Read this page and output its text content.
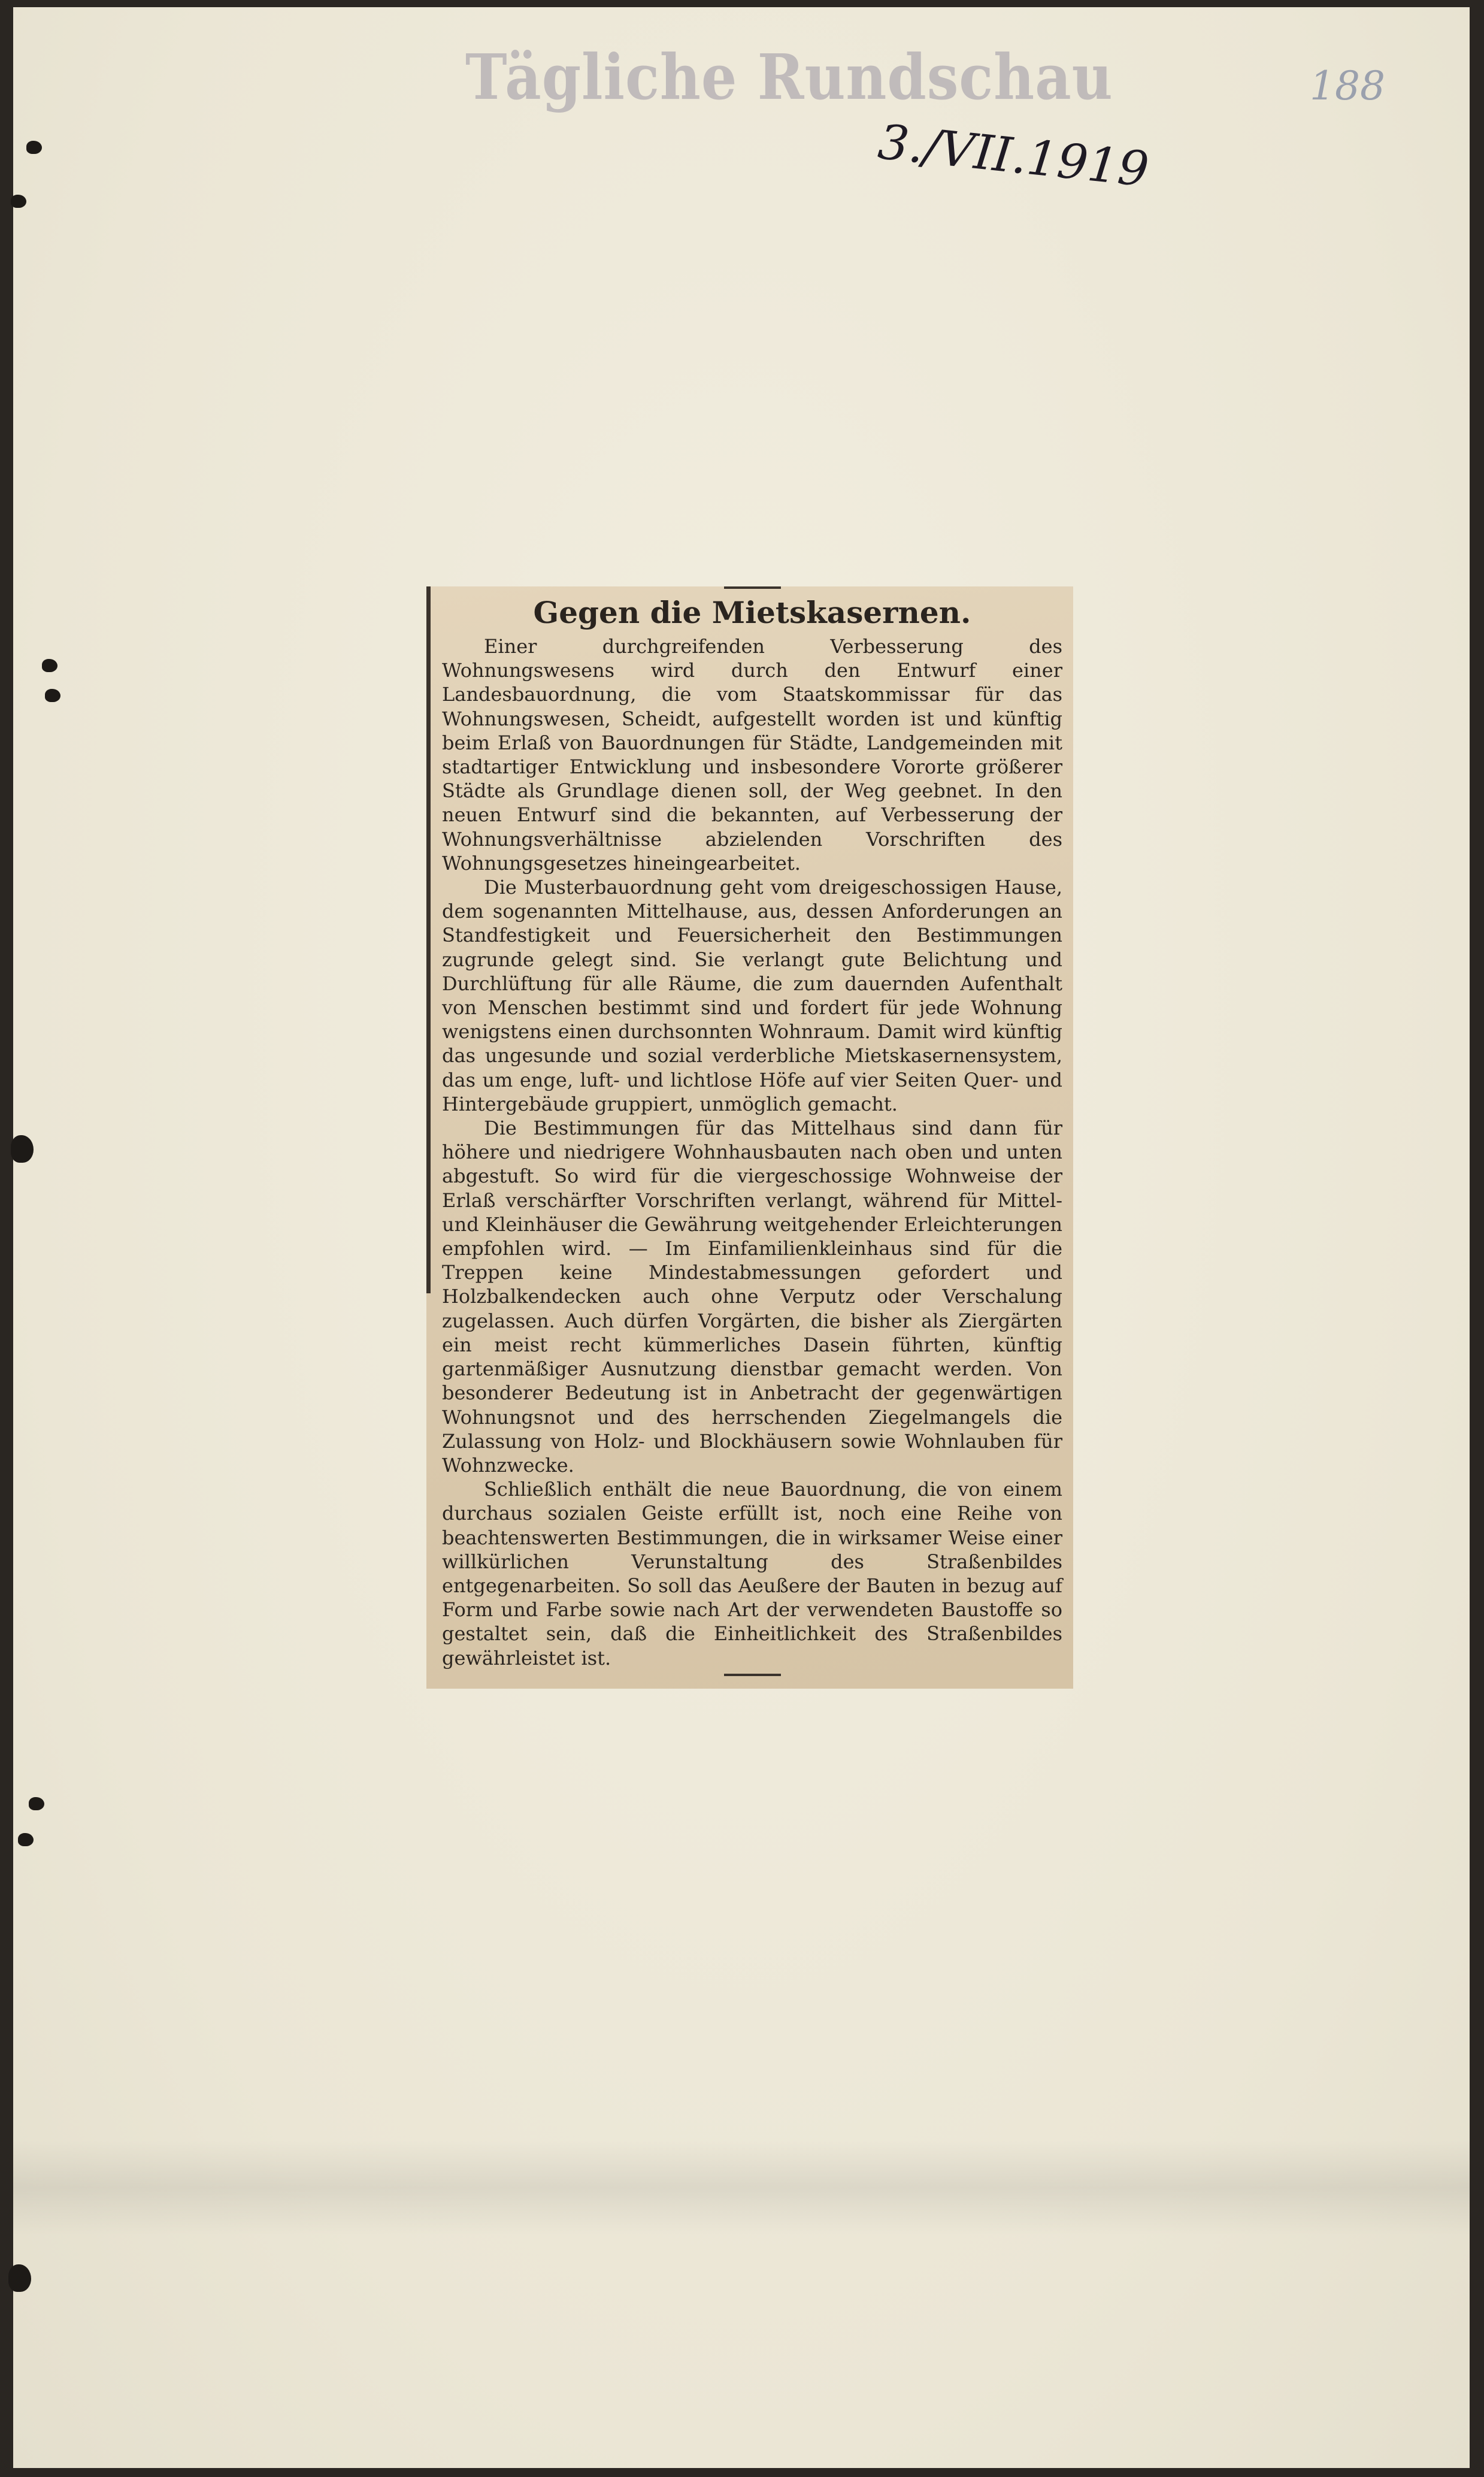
Tägliche Rundschau
3./VII.1919
188
Gegen die Mietskasernen.

Einer durchgreifenden Verbesserung des Wohnungswesens wird durch den Entwurf einer Landesbauordnung, die vom Staatskommissar für das Wohnungswesen, Scheidt, aufgestellt worden ist und künftig beim Erlaß von Bauordnungen für Städte, Landgemeinden mit stadtartiger Entwicklung und insbesondere Vororte größerer Städte als Grundlage dienen soll, der Weg geebnet. In den neuen Entwurf sind die bekannten, auf Verbesserung der Wohnungsverhältnisse abzielenden Vorschriften des Wohnungsgesetzes hineingearbeitet.

Die Musterbauordnung geht vom dreigeschossigen Hause, dem sogenannten Mittelhause, aus, dessen Anforderungen an Standfestigkeit und Feuersicherheit den Bestimmungen zugrunde gelegt sind. Sie verlangt gute Belichtung und Durchlüftung für alle Räume, die zum dauernden Aufenthalt von Menschen bestimmt sind und fordert für jede Wohnung wenigstens einen durchsonnten Wohnraum. Damit wird künftig das ungesunde und sozial verderbliche Mietskasernensystem, das um enge, luft- und lichtlose Höfe auf vier Seiten Quer- und Hintergebäude gruppiert, unmöglich gemacht.

Die Bestimmungen für das Mittelhaus sind dann für höhere und niedrigere Wohnhausbauten nach oben und unten abgestuft. So wird für die viergeschossige Wohnweise der Erlaß verschärfter Vorschriften verlangt, während für Mittel- und Kleinhäuser die Gewährung weitgehender Erleichterungen empfohlen wird. — Im Einfamilienkleinhaus sind für die Treppen keine Mindestabmessungen gefordert und Holzbalkendecken auch ohne Verputz oder Verschalung zugelassen. Auch dürfen Vorgärten, die bisher als Ziergärten ein meist recht kümmerliches Dasein führten, künftig gartenmäßiger Ausnutzung dienstbar gemacht werden. Von besonderer Bedeutung ist in Anbetracht der gegenwärtigen Wohnungsnot und des herrschenden Ziegelmangels die Zulassung von Holz- und Blockhäusern sowie Wohnlauben für Wohnzwecke.

Schließlich enthält die neue Bauordnung, die von einem durchaus sozialen Geiste erfüllt ist, noch eine Reihe von beachtenswerten Bestimmungen, die in wirksamer Weise einer willkürlichen Verunstaltung des Straßenbildes entgegenarbeiten. So soll das Aeußere der Bauten in bezug auf Form und Farbe sowie nach Art der verwendeten Baustoffe so gestaltet sein, daß die Einheitlichkeit des Straßenbildes gewährleistet ist.
